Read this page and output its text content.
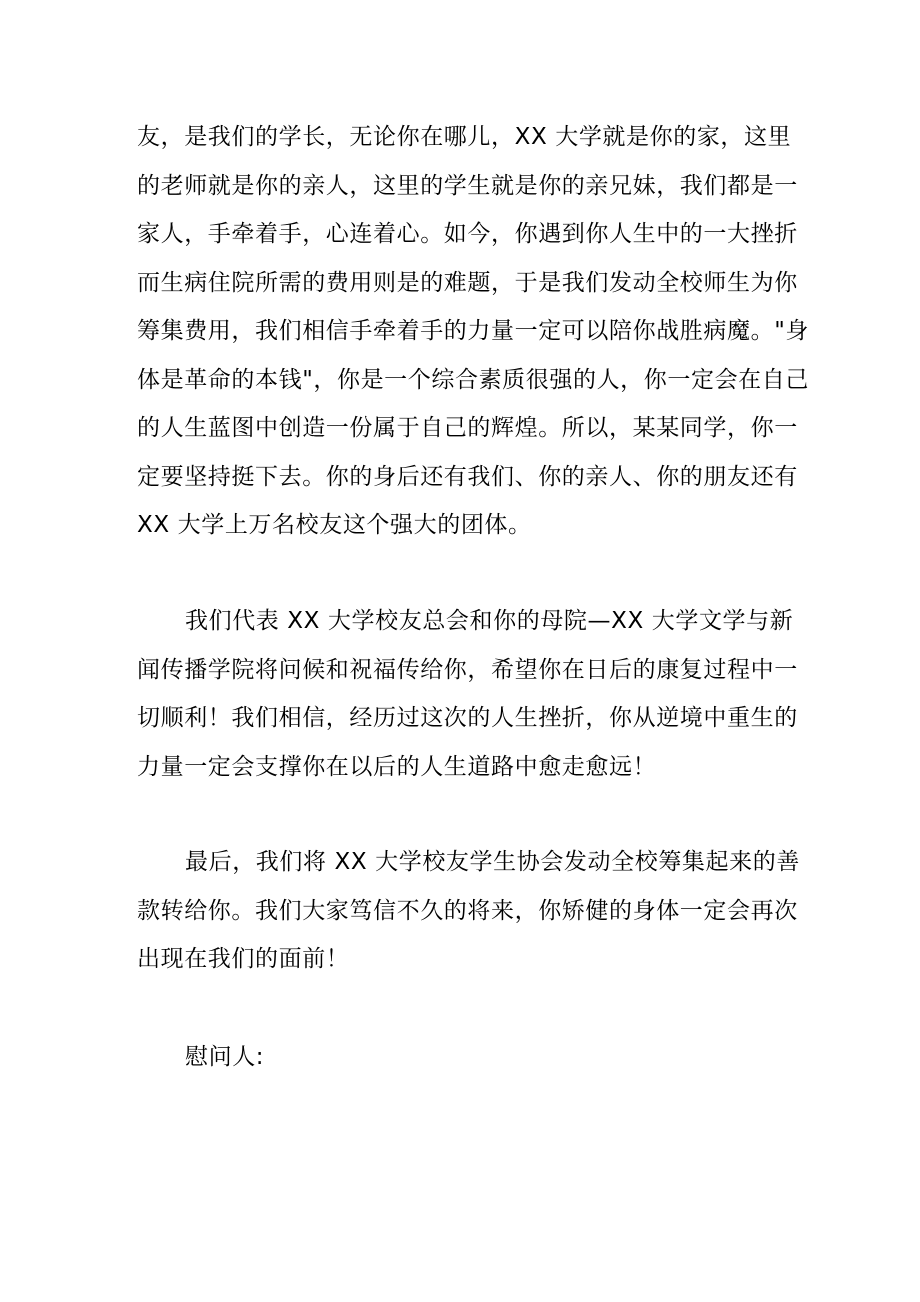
友，是我们的学长，无论你在哪儿，XX 大学就是你的家，这里
的老师就是你的亲人，这里的学生就是你的亲兄妹，我们都是一
家人，手牵着手，心连着心。如今，你遇到你人生中的一大挫折
而生病住院所需的费用则是的难题，于是我们发动全校师生为你
筹集费用，我们相信手牵着手的力量一定可以陪你战胜病魔。"身
体是革命的本钱"，你是一个综合素质很强的人，你一定会在自己
的人生蓝图中创造一份属于自己的辉煌。所以，某某同学，你一
定要坚持挺下去。你的身后还有我们、你的亲人、你的朋友还有
XX 大学上万名校友这个强大的团体。
我们代表 XX 大学校友总会和你的母院—XX 大学文学与新
闻传播学院将问候和祝福传给你，希望你在日后的康复过程中一
切顺利！我们相信，经历过这次的人生挫折，你从逆境中重生的
力量一定会支撑你在以后的人生道路中愈走愈远！
最后，我们将 XX 大学校友学生协会发动全校筹集起来的善
款转给你。我们大家笃信不久的将来，你矫健的身体一定会再次
出现在我们的面前！
慰问人:
